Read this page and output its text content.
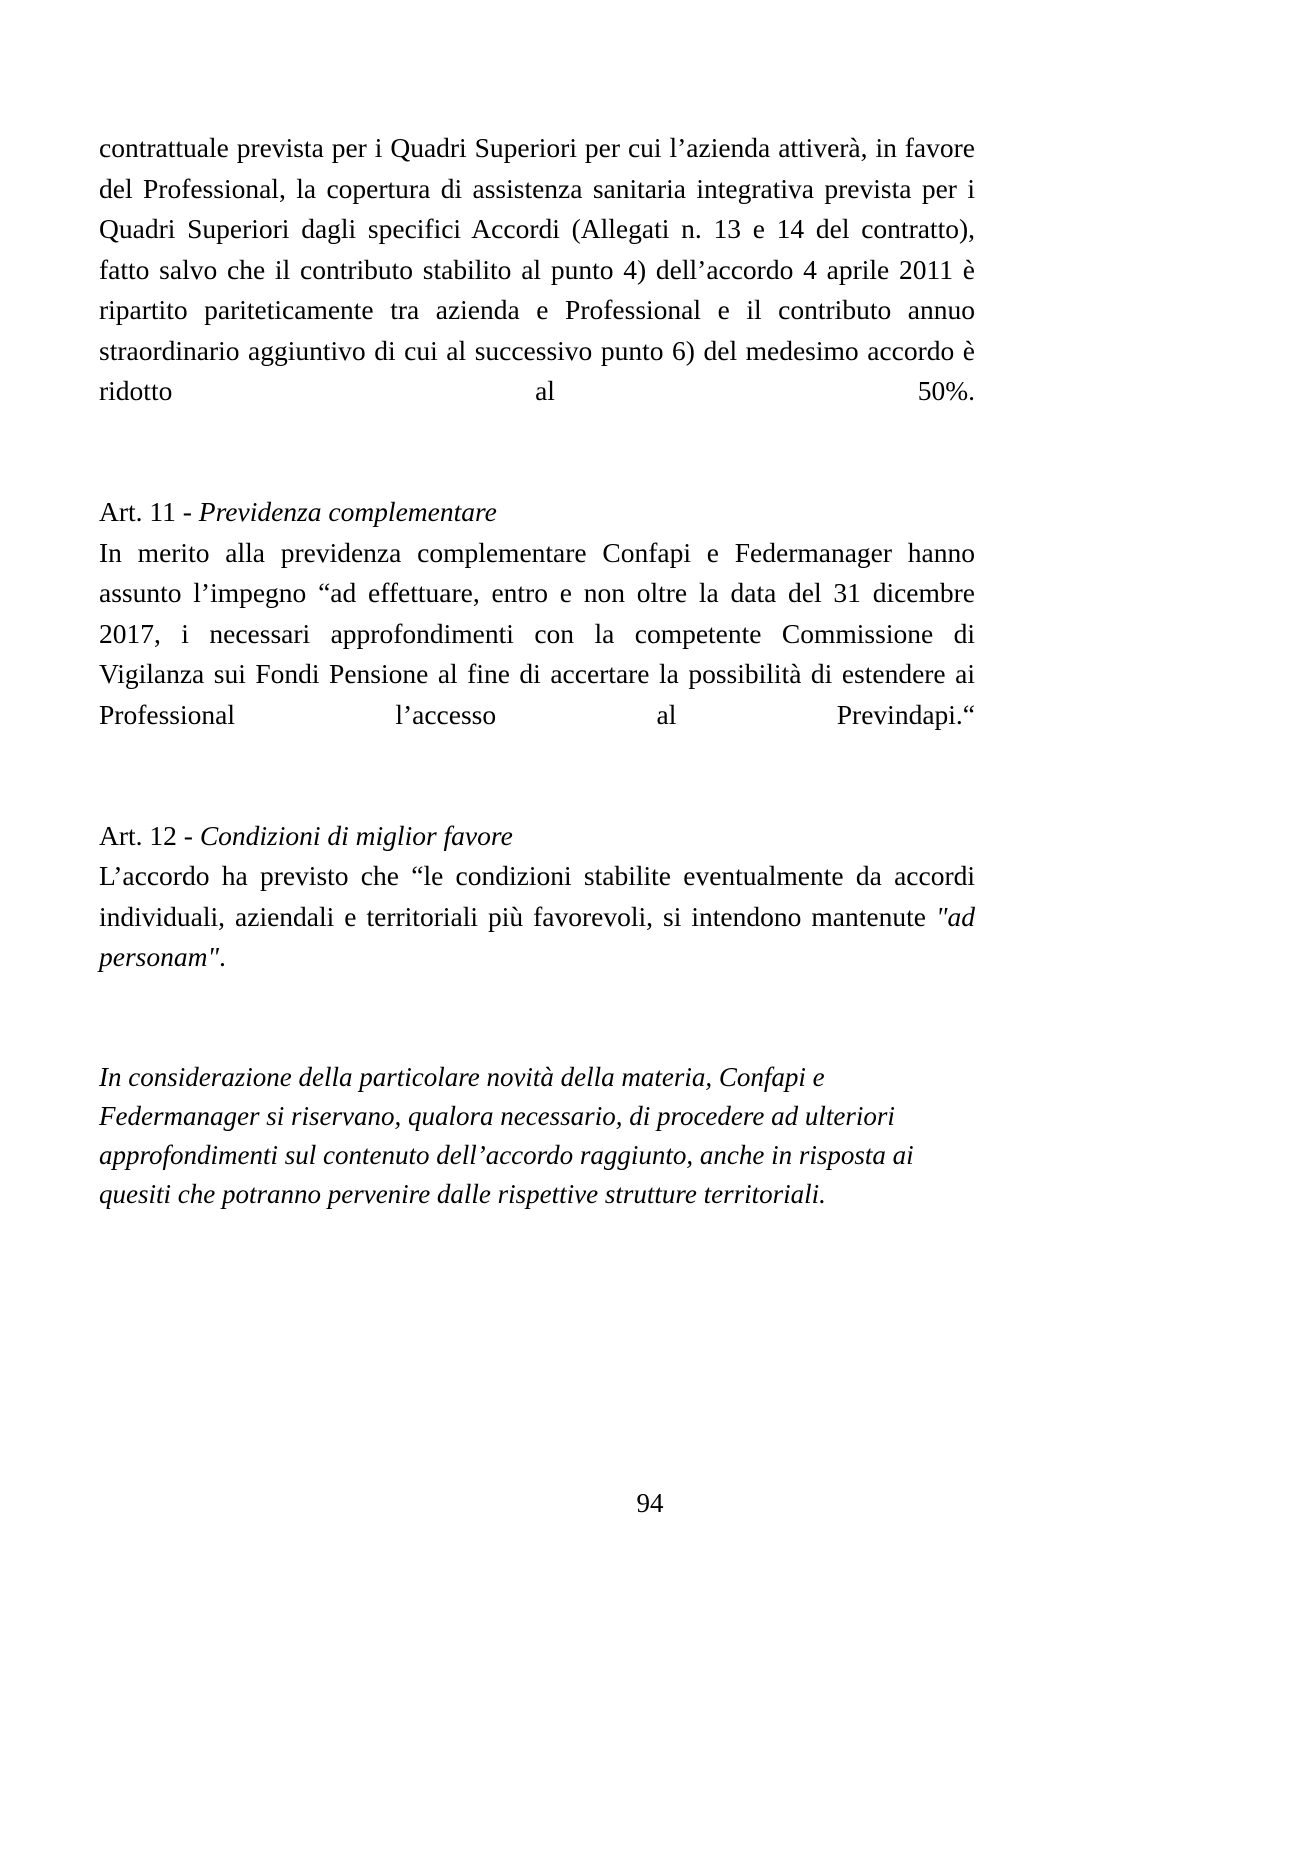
contrattuale prevista per i Quadri Superiori per cui l’azienda attiverà, in favore del Professional, la copertura di assistenza sanitaria integrativa prevista per i Quadri Superiori dagli specifici Accordi (Allegati n. 13 e 14 del contratto), fatto salvo che il contributo stabilito al punto 4) dell’accordo 4 aprile 2011 è ripartito pariteticamente tra azienda e Professional e il contributo annuo straordinario aggiuntivo di cui al successivo punto 6) del medesimo accordo è ridotto al 50%.

Art. 11 - Previdenza complementare

In merito alla previdenza complementare Confapi e Federmanager hanno assunto l’impegno “ad effettuare, entro e non oltre la data del 31 dicembre 2017, i necessari approfondimenti con la competente Commissione di Vigilanza sui Fondi Pensione al fine di accertare la possibilità di estendere ai Professional l’accesso al Previndapi.“

Art. 12 - Condizioni di miglior favore

L’accordo ha previsto che “le condizioni stabilite eventualmente da accordi individuali, aziendali e territoriali più favorevoli, si intendono mantenute "ad personam".

In considerazione della particolare novità della materia, Confapi e Federmanager si riservano, qualora necessario, di procedere ad ulteriori approfondimenti sul contenuto dell’accordo raggiunto, anche in risposta ai quesiti che potranno pervenire dalle rispettive strutture territoriali.

94
